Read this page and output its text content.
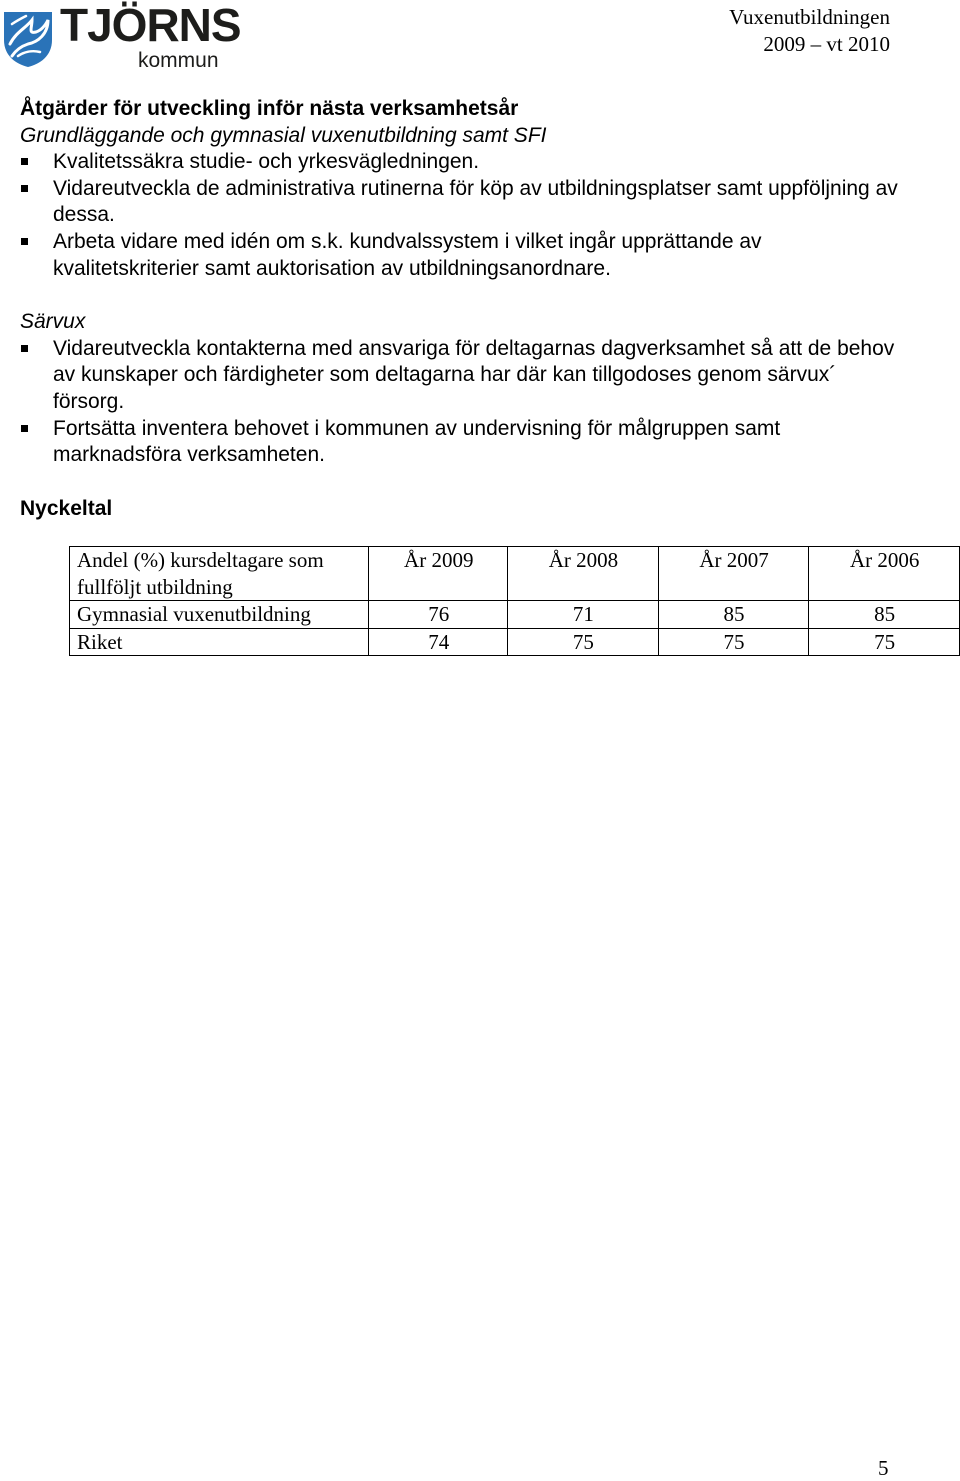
TJÖRNS
kommun
Vuxenutbildningen
2009 – vt 2010
Åtgärder för utveckling inför nästa verksamhetsår
Grundläggande och gymnasial vuxenutbildning samt SFI
Kvalitetssäkra studie- och yrkesvägledningen.
Vidareutveckla de administrativa rutinerna för köp av utbildningsplatser samt uppföljning av dessa.
Arbeta vidare med idén om s.k. kundvalssystem i vilket ingår upprättande av kvalitetskriterier samt auktorisation av utbildningsanordnare.
Särvux
Vidareutveckla kontakterna med ansvariga för deltagarnas dagverksamhet så att de behov av kunskaper och färdigheter som deltagarna har där kan tillgodoses genom särvux´ försorg.
Fortsätta inventera behovet i kommunen av undervisning för målgruppen samt marknadsföra verksamheten.
Nyckeltal
Andel (%) kursdeltagare som fullföljt utbildning	År 2009	År 2008	År 2007	År 2006
Gymnasial vuxenutbildning	76	71	85	85
Riket	74	75	75	75
5
